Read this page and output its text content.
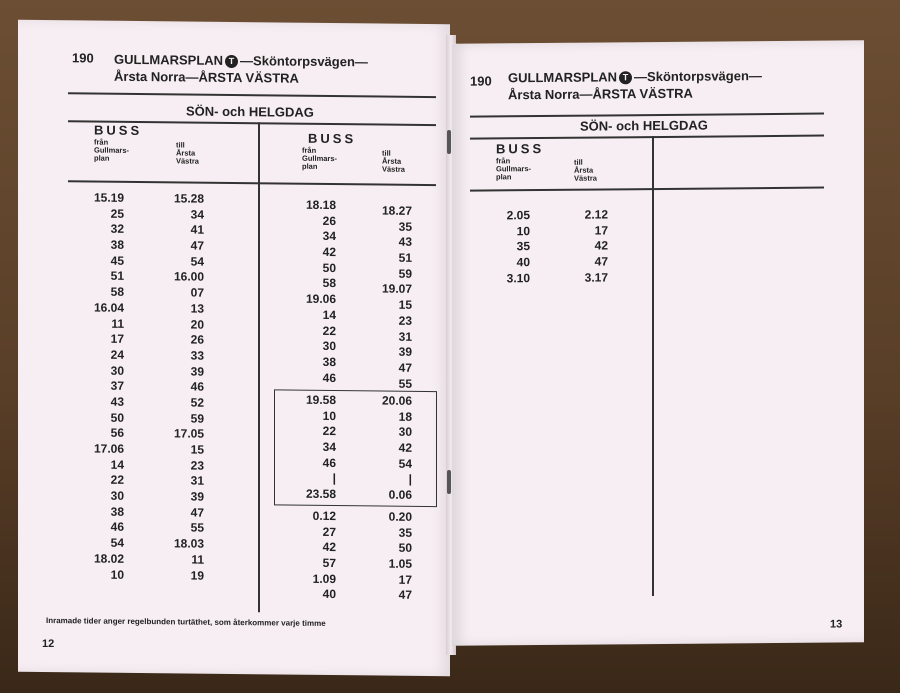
190 GULLMARSPLAN T —Sköntorpsvägen—
Årsta Norra—ÅRSTA VÄSTRA
SÖN- och HELGDAG
BUSS
från
Gullmars-
plan
till
Årsta
Västra
BUSS
från
Gullmars-
plan
till
Årsta
Västra
15.19
25
32
38
45
51
58
16.04
11
17
24
30
37
43
50
56
17.06
14
22
30
38
46
54
18.02
10
15.28
34
41
47
54
16.00
07
13
20
26
33
39
46
52
59
17.05
15
23
31
39
47
55
18.03
11
19
18.18
26
34
42
50
58
19.06
14
22
30
38
46
18.27
35
43
51
59
19.07
15
23
31
39
47
55
19.58
10
22
34
46
|
23.58
20.06
18
30
42
54
|
0.06
0.12
27
42
57
1.09
40
0.20
35
50
1.05
17
47
Inramade tider anger regelbunden turtäthet, som återkommer varje timme
12
190 GULLMARSPLAN T —Sköntorpsvägen—
Årsta Norra—ÅRSTA VÄSTRA
SÖN- och HELGDAG
BUSS
från
Gullmars-
plan
till
Årsta
Västra
2.05
10
35
40
3.10
2.12
17
42
47
3.17
13
